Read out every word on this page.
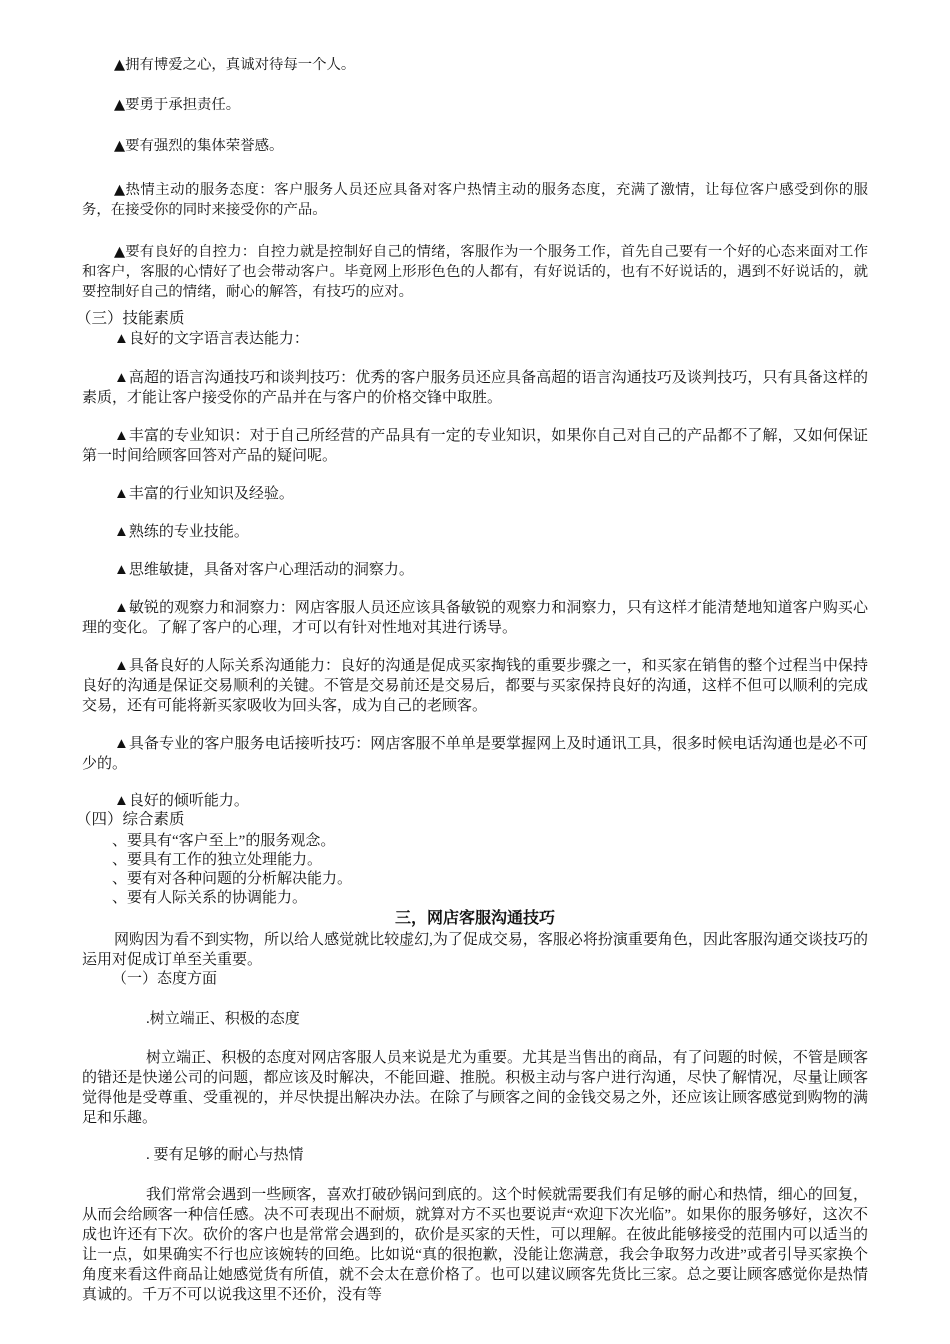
▲拥有博爱之心，真诚对待每一个人。

▲要勇于承担责任。

▲要有强烈的集体荣誉感。

▲热情主动的服务态度：客户服务人员还应具备对客户热情主动的服务态度，充满了激情，让每位客户感受到你的服务，在接受你的同时来接受你的产品。

▲要有良好的自控力：自控力就是控制好自己的情绪，客服作为一个服务工作，首先自己要有一个好的心态来面对工作和客户，客服的心情好了也会带动客户。毕竟网上形形色色的人都有，有好说话的，也有不好说话的，遇到不好说话的，就要控制好自己的情绪，耐心的解答，有技巧的应对。

（三）技能素质

▲良好的文字语言表达能力：

▲高超的语言沟通技巧和谈判技巧：优秀的客户服务员还应具备高超的语言沟通技巧及谈判技巧，只有具备这样的素质，才能让客户接受你的产品并在与客户的价格交锋中取胜。

▲丰富的专业知识：对于自己所经营的产品具有一定的专业知识，如果你自己对自己的产品都不了解，又如何保证第一时间给顾客回答对产品的疑问呢。

▲丰富的行业知识及经验。

▲熟练的专业技能。

▲思维敏捷，具备对客户心理活动的洞察力。

▲敏锐的观察力和洞察力：网店客服人员还应该具备敏锐的观察力和洞察力，只有这样才能清楚地知道客户购买心理的变化。了解了客户的心理，才可以有针对性地对其进行诱导。

▲具备良好的人际关系沟通能力：良好的沟通是促成买家掏钱的重要步骤之一，和买家在销售的整个过程当中保持良好的沟通是保证交易顺利的关键。不管是交易前还是交易后，都要与买家保持良好的沟通，这样不但可以顺利的完成交易，还有可能将新买家吸收为回头客，成为自己的老顾客。

▲具备专业的客户服务电话接听技巧：网店客服不单单是要掌握网上及时通讯工具，很多时候电话沟通也是必不可少的。

▲良好的倾听能力。

（四）综合素质

、要具有“客户至上”的服务观念。

、要具有工作的独立处理能力。

、要有对各种问题的分析解决能力。

、要有人际关系的协调能力。

三，网店客服沟通技巧

网购因为看不到实物，所以给人感觉就比较虚幻,为了促成交易，客服必将扮演重要角色，因此客服沟通交谈技巧的运用对促成订单至关重要。

（一）态度方面

.树立端正、积极的态度

树立端正、积极的态度对网店客服人员来说是尤为重要。尤其是当售出的商品，有了问题的时候，不管是顾客的错还是快递公司的问题，都应该及时解决，不能回避、推脱。积极主动与客户进行沟通，尽快了解情况，尽量让顾客觉得他是受尊重、受重视的，并尽快提出解决办法。在除了与顾客之间的金钱交易之外，还应该让顾客感觉到购物的满足和乐趣。

. 要有足够的耐心与热情

我们常常会遇到一些顾客，喜欢打破砂锅问到底的。这个时候就需要我们有足够的耐心和热情，细心的回复，从而会给顾客一种信任感。决不可表现出不耐烦，就算对方不买也要说声“欢迎下次光临”。如果你的服务够好，这次不成也许还有下次。砍价的客户也是常常会遇到的，砍价是买家的天性，可以理解。在彼此能够接受的范围内可以适当的让一点，如果确实不行也应该婉转的回绝。比如说“真的很抱歉，没能让您满意，我会争取努力改进”或者引导买家换个角度来看这件商品让她感觉货有所值，就不会太在意价格了。也可以建议顾客先货比三家。总之要让顾客感觉你是热情真诚的。千万不可以说我这里不还价，没有等
